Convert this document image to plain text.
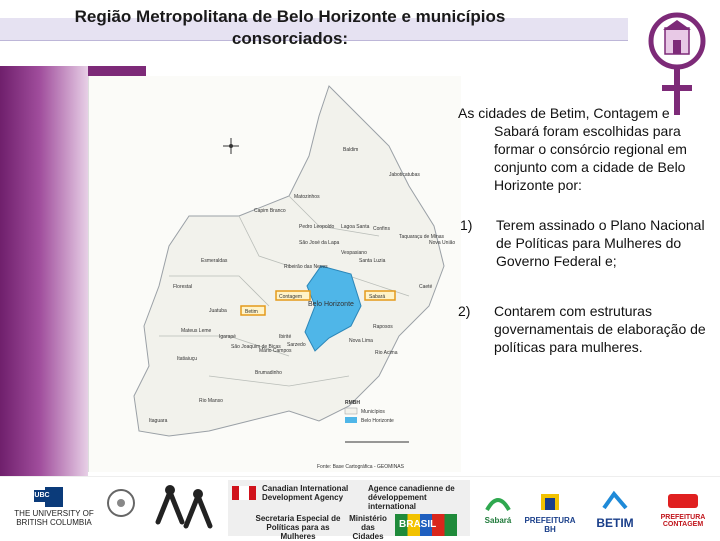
Região Metropolitana de Belo Horizonte e municípios
consorciados:
Contagem
Betim
Sabará
Belo Horizonte
Baldim
Jaboticatubas
Matozinhos
Capim Branco
Pedro Leopoldo Lagoa Santa Confins
Taquaraçu de Minas
São José da Lapa
Vespasiano
Nova União
Santa Luzia
Ribeirão das Neves
Esmeraldas
Florestal	Caeté
Juatuba
Mateus Leme
Igarapé	Ibirité
Raposos
Nova Lima
São Joaquim de Bicas
Mário Campos
Sarzedo
Rio Acima
Itatiaiuçu
Brumadinho
Rio Manso
Itaguara
RMBH
Municípios
Belo Horizonte
Fonte: Base Cartográfica - GEOMINAS

As cidades de Betim, Contagem e
Sabará foram escolhidas para formar o consórcio regional em conjunto com a cidade de Belo Horizonte por:

1)	Terem assinado o Plano Nacional de Políticas para Mulheres do Governo Federal e;
2)	Contarem com estruturas governamentais de elaboração de políticas para mulheres.
THE UNIVERSITY OF BRITISH COLUMBIA
Canadian International Development Agency
Agence canadienne de développement international
Secretaria Especial de Políticas para as Mulheres
Ministério das Cidades
BRASIL	Sabará	PREFEITURA BH	BETIM	PREFEITURA CONTAGEM
UBC
